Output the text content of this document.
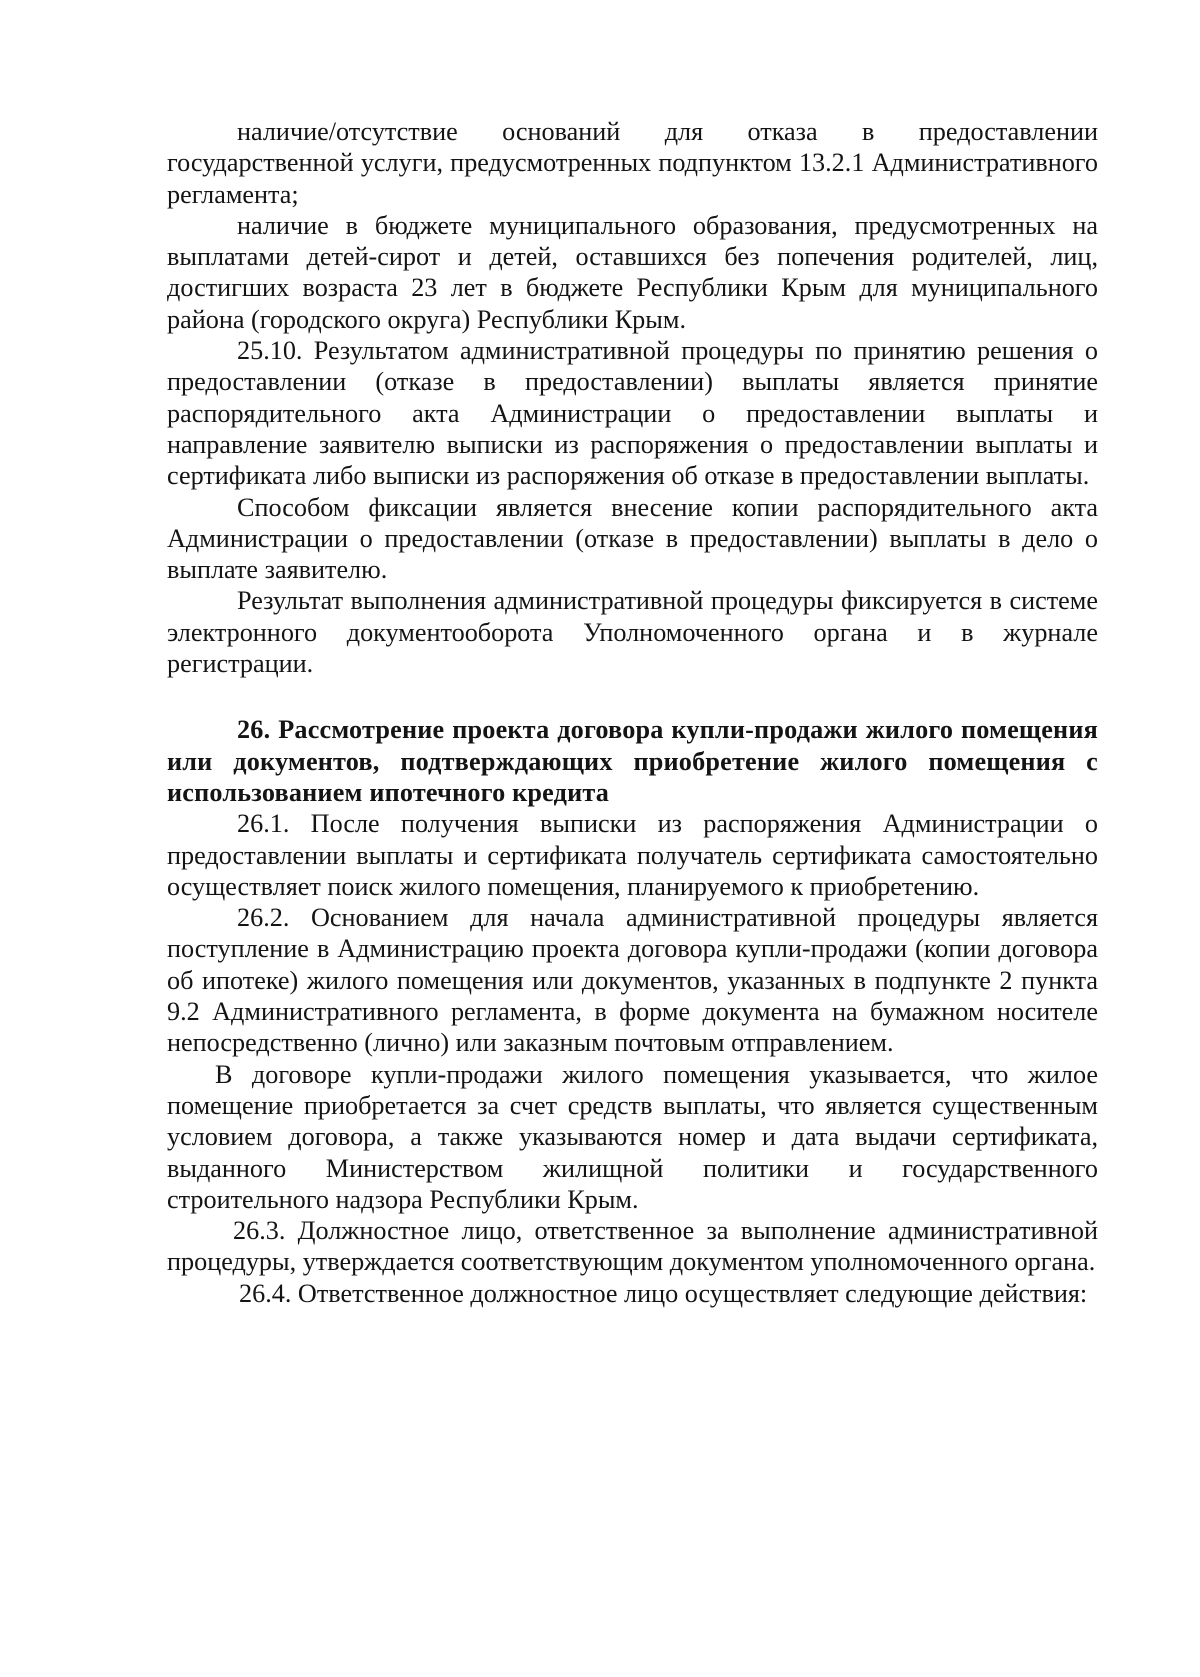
наличие/отсутствие оснований для отказа в предоставлении государственной услуги, предусмотренных подпунктом 13.2.1 Административного регламента;

наличие в бюджете муниципального образования, предусмотренных на выплатами детей-сирот и детей, оставшихся без попечения родителей, лиц, достигших возраста 23 лет в бюджете Республики Крым для муниципального района (городского округа) Республики Крым.

25.10. Результатом административной процедуры по принятию решения о предоставлении (отказе в предоставлении) выплаты является принятие распорядительного акта Администрации о предоставлении выплаты и направление заявителю выписки из распоряжения о предоставлении выплаты и сертификата либо выписки из распоряжения об отказе в предоставлении выплаты.

Способом фиксации является внесение копии распорядительного акта Администрации о предоставлении (отказе в предоставлении) выплаты в дело о выплате заявителю.

Результат выполнения административной процедуры фиксируется в системе электронного документооборота Уполномоченного органа и в журнале регистрации.

26. Рассмотрение проекта договора купли-продажи жилого помещения или документов, подтверждающих приобретение жилого помещения с использованием ипотечного кредита

26.1. После получения выписки из распоряжения Администрации о предоставлении выплаты и сертификата получатель сертификата самостоятельно осуществляет поиск жилого помещения, планируемого к приобретению.

26.2. Основанием для начала административной процедуры является поступление в Администрацию проекта договора купли-продажи (копии договора об ипотеке) жилого помещения или документов, указанных в подпункте 2 пункта 9.2 Административного регламента, в форме документа на бумажном носителе непосредственно (лично) или заказным почтовым отправлением.

В договоре купли-продажи жилого помещения указывается, что жилое помещение приобретается за счет средств выплаты, что является существенным условием договора, а также указываются номер и дата выдачи сертификата, выданного Министерством жилищной политики и государственного строительного надзора Республики Крым.

26.3. Должностное лицо, ответственное за выполнение административной процедуры, утверждается соответствующим документом уполномоченного органа.

26.4. Ответственное должностное лицо осуществляет следующие действия:
